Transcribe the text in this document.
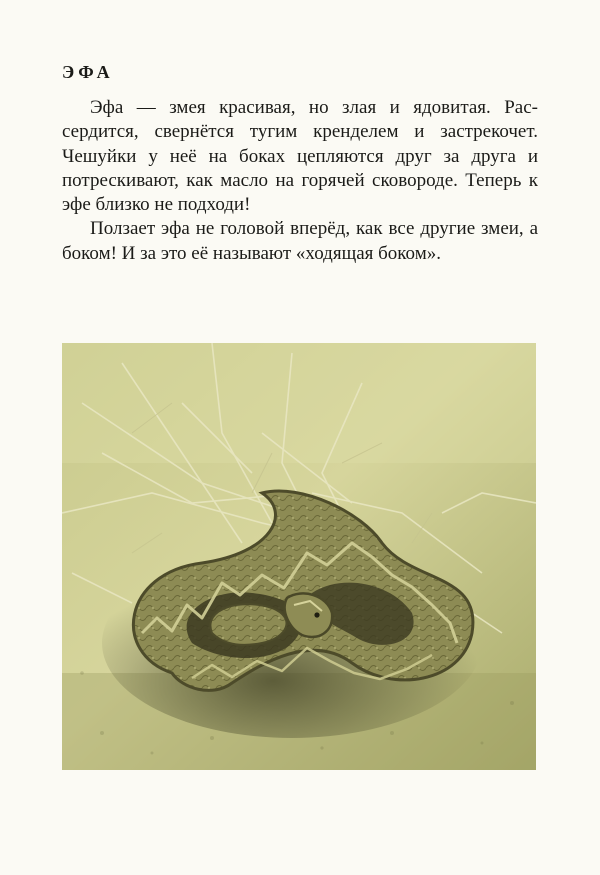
ЭФА

Эфа — змея красивая, но злая и ядовитая. Рассердится, свернётся тугим кренделем и застрекочет. Чешуйки у неё на боках цепляются друг за друга и потрескивают, как масло на горячей сковороде. Теперь к эфе близко не подходи!

Ползает эфа не головой вперёд, как все другие змеи, а боком! И за это её называют «ходящая боком».
